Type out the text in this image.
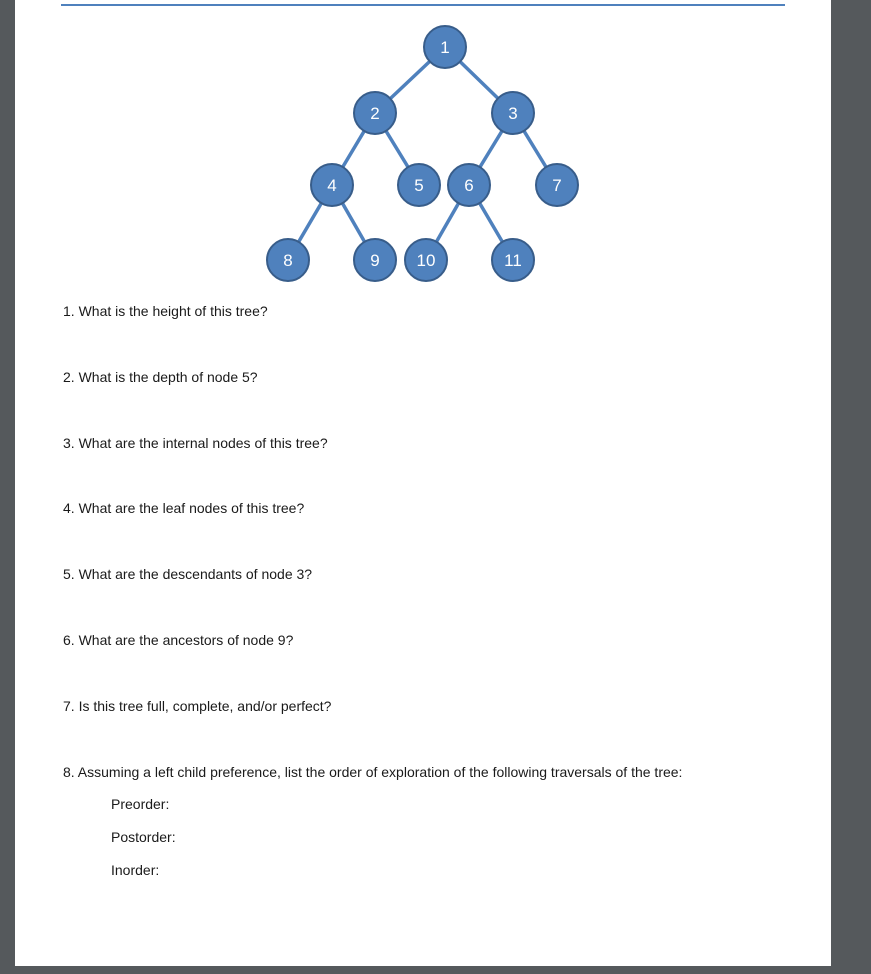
1
2	3
4	5 6	7
8	9 10	11
1. What is the height of this tree?
2. What is the depth of node 5?
3. What are the internal nodes of this tree?
4. What are the leaf nodes of this tree?
5. What are the descendants of node 3?
6. What are the ancestors of node 9?
7. Is this tree full, complete, and/or perfect?
8. Assuming a left child preference, list the order of exploration of the following traversals of the tree:
Preorder:
Postorder:
Inorder:
